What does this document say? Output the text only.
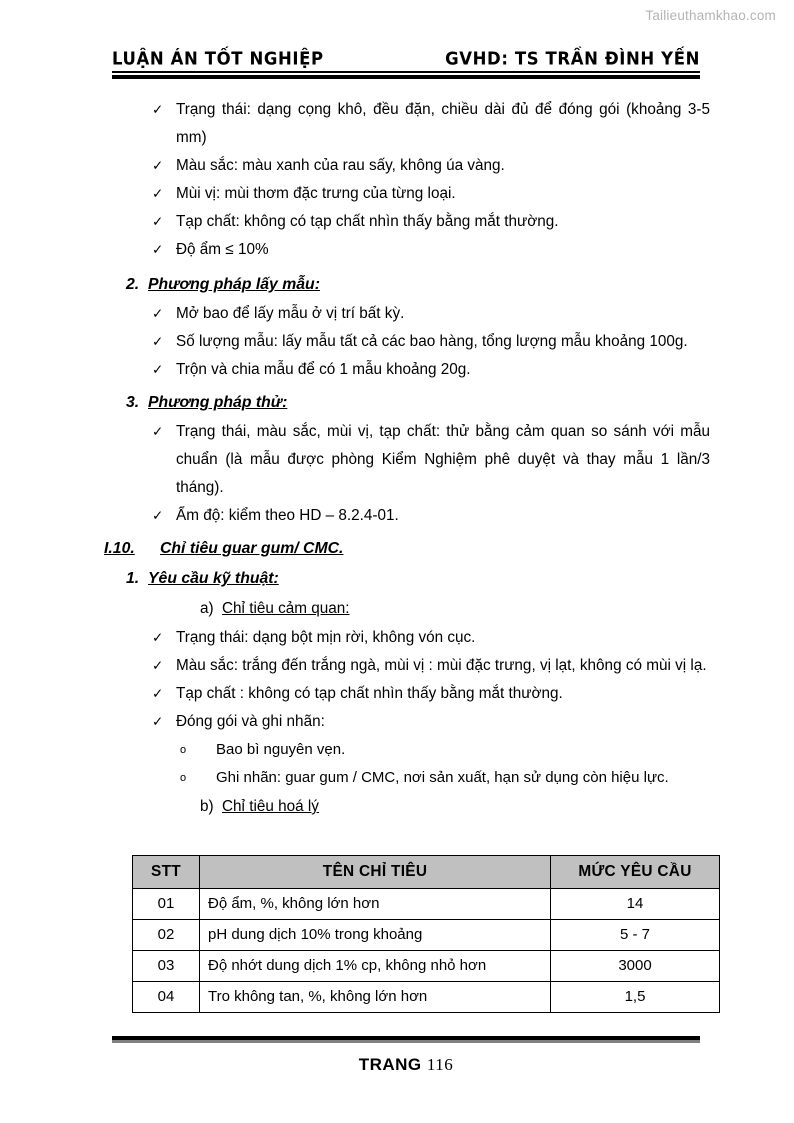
Tailieuthamkhao.com
LUẬN ÁN TỐT NGHIỆP	GVHD: TS TRẦN ĐÌNH YẾN
✓ Trạng thái: dạng cọng khô, đều đặn, chiều dài đủ để đóng gói (khoảng 3-5 mm)
✓ Màu sắc: màu xanh của rau sấy, không úa vàng.
✓ Mùi vị: mùi thơm đặc trưng của từng loại.
✓ Tạp chất: không có tạp chất nhìn thấy bằng mắt thường.
✓ Độ ẩm ≤ 10%
2. Phương pháp lấy mẫu:
✓ Mở bao để lấy mẫu ở vị trí bất kỳ.
✓ Số lượng mẫu: lấy mẫu tất cả các bao hàng, tổng lượng mẫu khoảng 100g.
✓ Trộn và chia mẫu để có 1 mẫu khoảng 20g.
3. Phương pháp thử:
✓ Trạng thái, màu sắc, mùi vị, tạp chất: thử bằng cảm quan so sánh với mẫu chuẩn (là mẫu được phòng Kiểm Nghiệm phê duyệt và thay mẫu 1 lần/3 tháng).
✓ Ẩm độ: kiểm theo HD – 8.2.4-01.
I.10. Chỉ tiêu guar gum/ CMC.
1. Yêu cầu kỹ thuật:
a) Chỉ tiêu cảm quan:
✓ Trạng thái: dạng bột mịn rời, không vón cục.
✓ Màu sắc: trắng đến trắng ngà, mùi vị : mùi đặc trưng, vị lạt, không có mùi vị lạ.
✓ Tạp chất : không có tạp chất nhìn thấy bằng mắt thường.
✓ Đóng gói và ghi nhãn:
o Bao bì nguyên vẹn.
o Ghi nhãn: guar gum / CMC, nơi sản xuất, hạn sử dụng còn hiệu lực.
b) Chỉ tiêu hoá lý
STT	TÊN CHỈ TIÊU	MỨC YÊU CẦU
01	Độ ẩm, %, không lớn hơn	14
02	pH dung dịch 10% trong khoảng	5 - 7
03	Độ nhớt dung dịch 1% cp, không nhỏ hơn	3000
04	Tro không tan, %, không lớn hơn	1,5
TRANG 116
